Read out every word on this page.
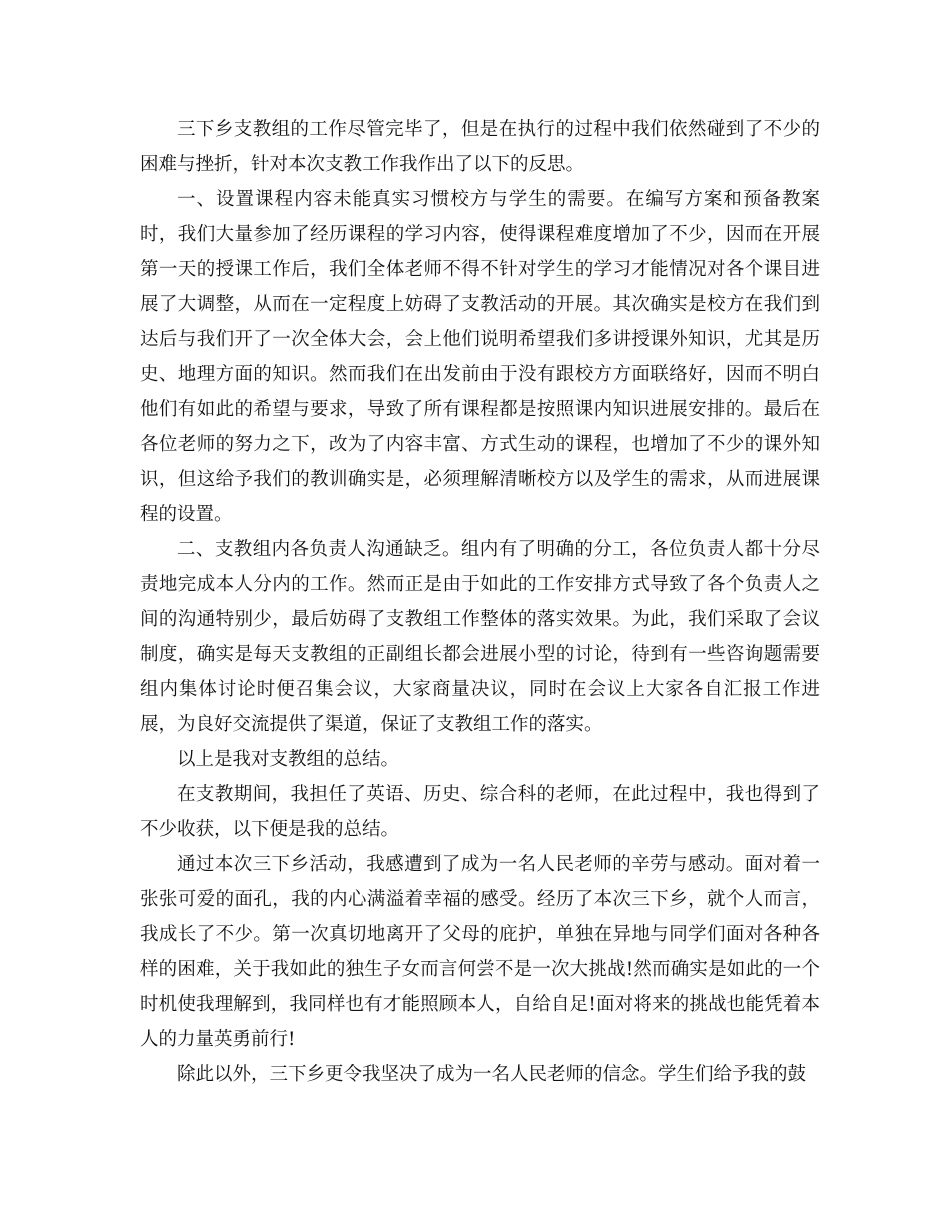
三下乡支教组的工作尽管完毕了，但是在执行的过程中我们依然碰到了不少的困难与挫折，针对本次支教工作我作出了以下的反思。

一、设置课程内容未能真实习惯校方与学生的需要。在编写方案和预备教案时，我们大量参加了经历课程的学习内容，使得课程难度增加了不少，因而在开展第一天的授课工作后，我们全体老师不得不针对学生的学习才能情况对各个课目进展了大调整，从而在一定程度上妨碍了支教活动的开展。其次确实是校方在我们到达后与我们开了一次全体大会，会上他们说明希望我们多讲授课外知识，尤其是历史、地理方面的知识。然而我们在出发前由于没有跟校方方面联络好，因而不明白他们有如此的希望与要求，导致了所有课程都是按照课内知识进展安排的。最后在各位老师的努力之下，改为了内容丰富、方式生动的课程，也增加了不少的课外知识，但这给予我们的教训确实是，必须理解清晰校方以及学生的需求，从而进展课程的设置。

二、支教组内各负责人沟通缺乏。组内有了明确的分工，各位负责人都十分尽责地完成本人分内的工作。然而正是由于如此的工作安排方式导致了各个负责人之间的沟通特别少，最后妨碍了支教组工作整体的落实效果。为此，我们采取了会议制度，确实是每天支教组的正副组长都会进展小型的讨论，待到有一些咨询题需要组内集体讨论时便召集会议，大家商量决议，同时在会议上大家各自汇报工作进展，为良好交流提供了渠道，保证了支教组工作的落实。

以上是我对支教组的总结。

在支教期间，我担任了英语、历史、综合科的老师，在此过程中，我也得到了不少收获，以下便是我的总结。

通过本次三下乡活动，我感遭到了成为一名人民老师的辛劳与感动。面对着一张张可爱的面孔，我的内心满溢着幸福的感受。经历了本次三下乡，就个人而言，我成长了不少。第一次真切地离开了父母的庇护，单独在异地与同学们面对各种各样的困难，关于我如此的独生子女而言何尝不是一次大挑战!然而确实是如此的一个时机使我理解到，我同样也有才能照顾本人，自给自足!面对将来的挑战也能凭着本人的力量英勇前行!

除此以外，三下乡更令我坚决了成为一名人民老师的信念。学生们给予我的鼓
